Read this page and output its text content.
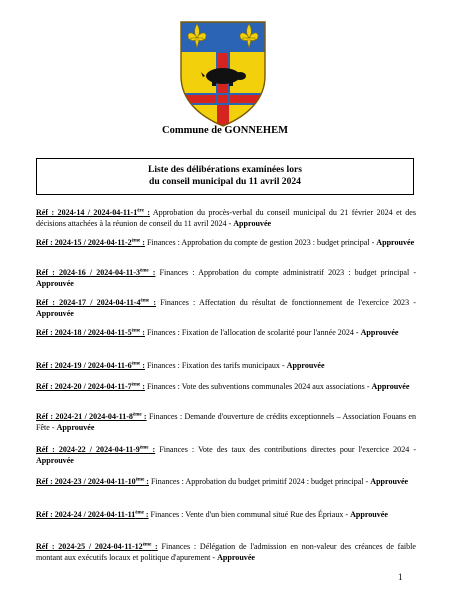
Commune de GONNEHEM
Liste des délibérations examinées lors
du conseil municipal du 11 avril 2024
Réf : 2024-14 / 2024-04-11-1ère : Approbation du procès-verbal du conseil municipal du 21 février 2024 et des décisions attachées à la réunion de conseil du 11 avril 2024 - Approuvée
Réf : 2024-15 / 2024-04-11-2ème : Finances : Approbation du compte de gestion 2023 : budget principal - Approuvée
Réf : 2024-16 / 2024-04-11-3ème : Finances : Approbation du compte administratif 2023 : budget principal - Approuvée
Réf : 2024-17 / 2024-04-11-4ème : Finances : Affectation du résultat de fonctionnement de l'exercice 2023 - Approuvée
Réf : 2024-18 / 2024-04-11-5ème : Finances : Fixation de l'allocation de scolarité pour l'année 2024 - Approuvée
Réf : 2024-19 / 2024-04-11-6ème : Finances : Fixation des tarifs municipaux - Approuvée
Réf : 2024-20 / 2024-04-11-7ème : Finances : Vote des subventions communales 2024 aux associations - Approuvée
Réf : 2024-21 / 2024-04-11-8ème : Finances : Demande d'ouverture de crédits exceptionnels – Association Fouans en Fête - Approuvée
Réf : 2024-22 / 2024-04-11-9ème : Finances : Vote des taux des contributions directes pour l'exercice 2024 - Approuvée
Réf : 2024-23 / 2024-04-11-10ème : Finances : Approbation du budget primitif 2024 : budget principal - Approuvée
Réf : 2024-24 / 2024-04-11-11ème : Finances : Vente d'un bien communal situé Rue des Épriaux - Approuvée
Réf : 2024-25 / 2024-04-11-12ème : Finances : Délégation de l'admission en non-valeur des créances de faible montant aux exécutifs locaux et politique d'apurement - Approuvée
1
